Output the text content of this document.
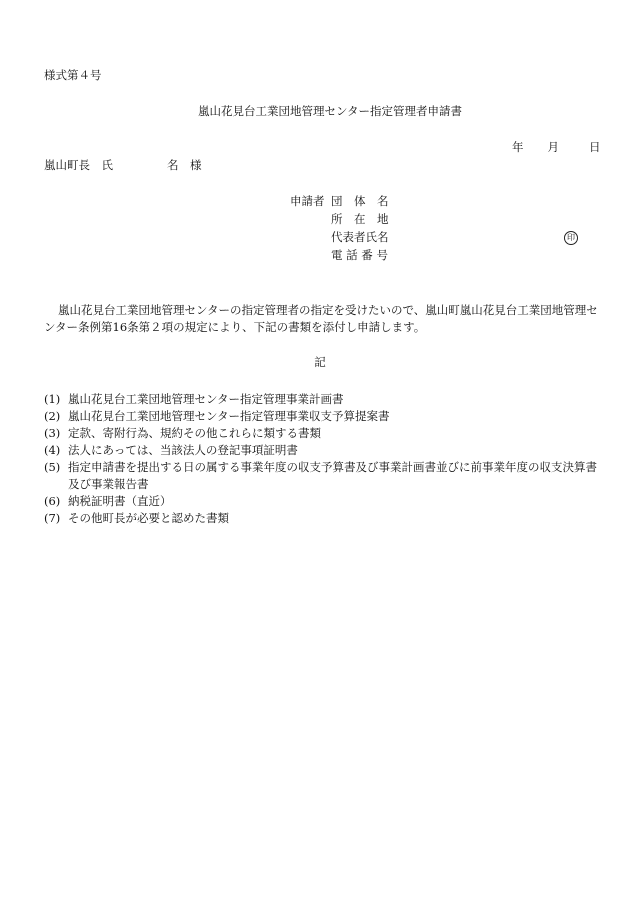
様式第４号
嵐山花見台工業団地管理センター指定管理者申請書
年 月	日
嵐山町長　氏	名　様
申請者 団　体　名
所　在　地
代表者氏名
電 話 番 号
印
嵐山花見台工業団地管理センターの指定管理者の指定を受けたいので、嵐山町嵐山花見台工業団地管理センター条例第16条第２項の規定により、下記の書類を添付し申請します。
記
(1) 嵐山花見台工業団地管理センター指定管理事業計画書
(2) 嵐山花見台工業団地管理センター指定管理事業収支予算提案書
(3) 定款、寄附行為、規約その他これらに類する書類
(4) 法人にあっては、当該法人の登記事項証明書
(5) 指定申請書を提出する日の属する事業年度の収支予算書及び事業計画書並びに前事業年度の収支決算書及び事業報告書
(6) 納税証明書（直近）
(7) その他町長が必要と認めた書類
